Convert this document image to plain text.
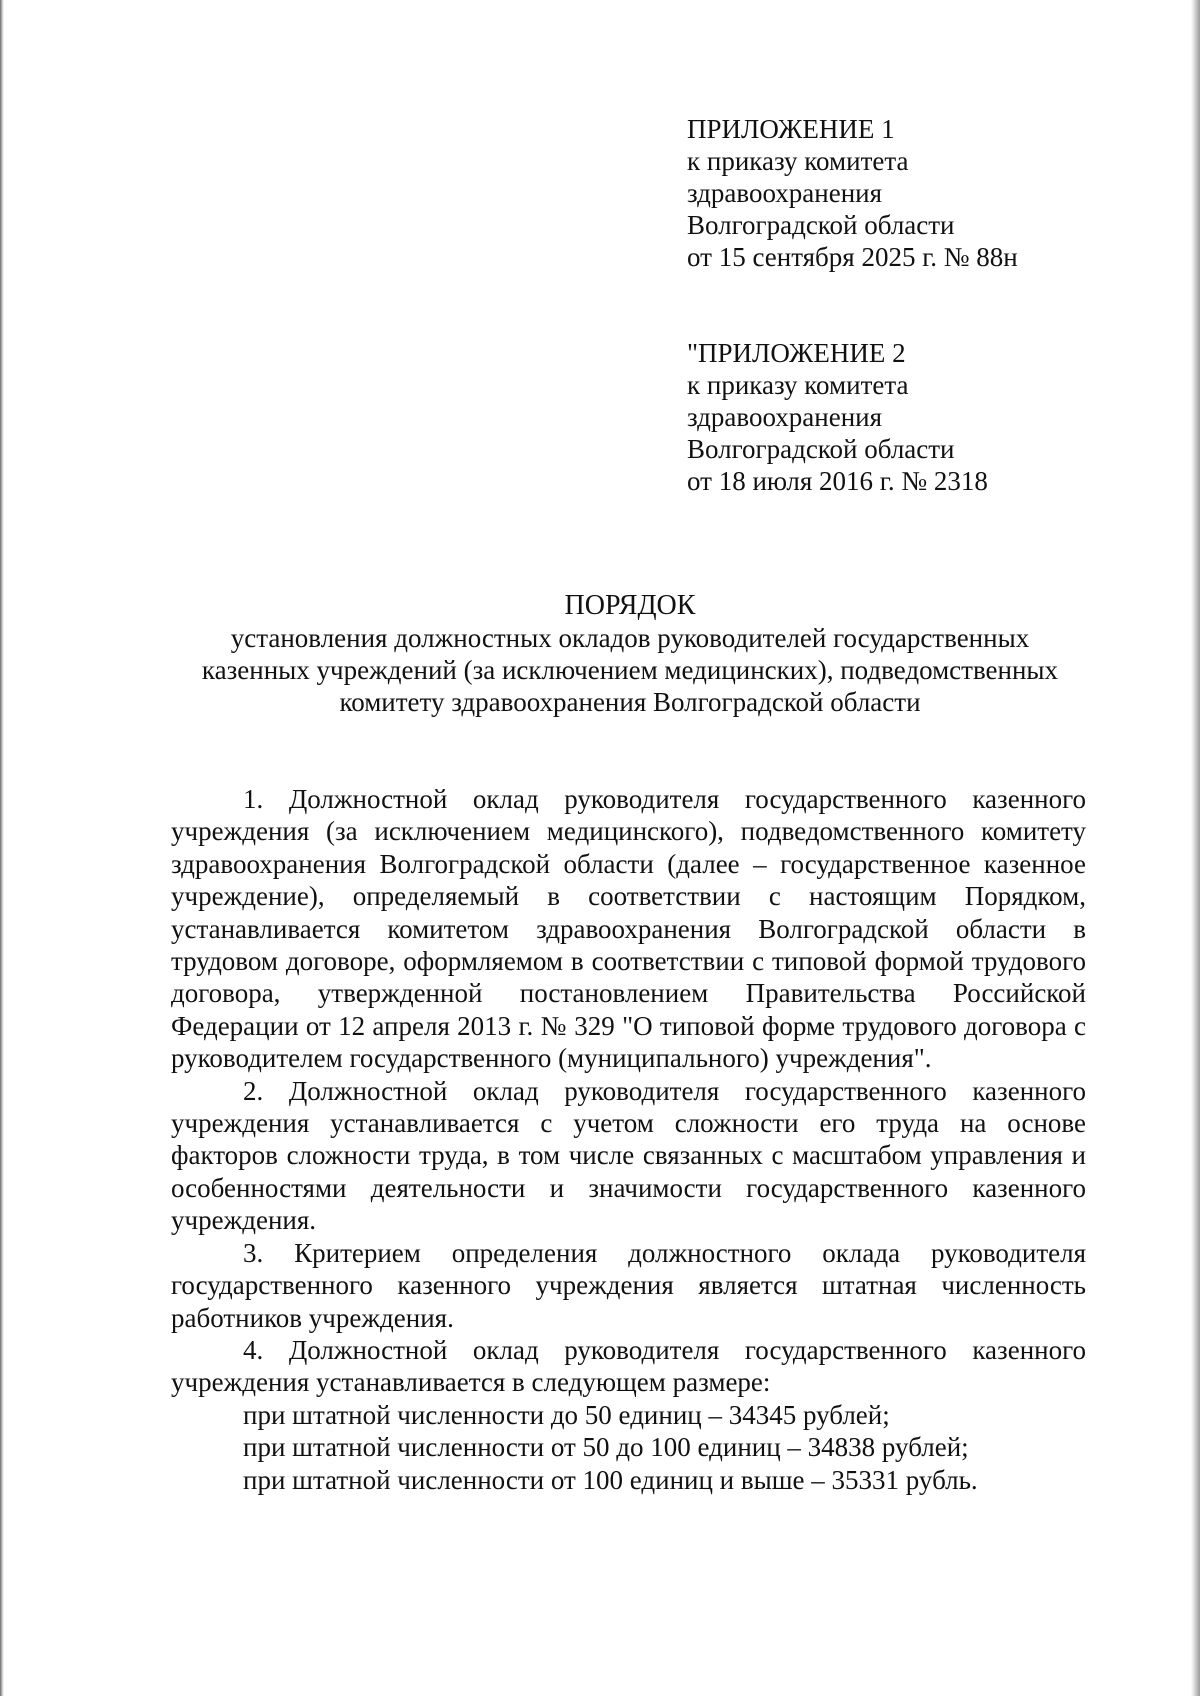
ПРИЛОЖЕНИЕ 1
к приказу комитета
здравоохранения
Волгоградской области
от 15 сентября 2025 г. № 88н
"ПРИЛОЖЕНИЕ 2
к приказу комитета
здравоохранения
Волгоградской области
от 18 июля 2016 г. № 2318
ПОРЯДОК
установления должностных окладов руководителей государственных
казенных учреждений (за исключением медицинских), подведомственных
комитету здравоохранения Волгоградской области

1. Должностной оклад руководителя государственного казенного учреждения (за исключением медицинского), подведомственного комитету здравоохранения Волгоградской области (далее – государственное казенное учреждение), определяемый в соответствии с настоящим Порядком, устанавливается комитетом здравоохранения Волгоградской области в трудовом договоре, оформляемом в соответствии с типовой формой трудового договора, утвержденной постановлением Правительства Российской Федерации от 12 апреля 2013 г. № 329 "О типовой форме трудового договора с руководителем государственного (муниципального) учреждения".

2. Должностной оклад руководителя государственного казенного учреждения устанавливается с учетом сложности его труда на основе факторов сложности труда, в том числе связанных с масштабом управления и особенностями деятельности и значимости государственного казенного учреждения.

3. Критерием определения должностного оклада руководителя государственного казенного учреждения является штатная численность работников учреждения.

4. Должностной оклад руководителя государственного казенного учреждения устанавливается в следующем размере:

при штатной численности до 50 единиц – 34345 рублей;

при штатной численности от 50 до 100 единиц – 34838 рублей;

при штатной численности от 100 единиц и выше – 35331 рубль.
